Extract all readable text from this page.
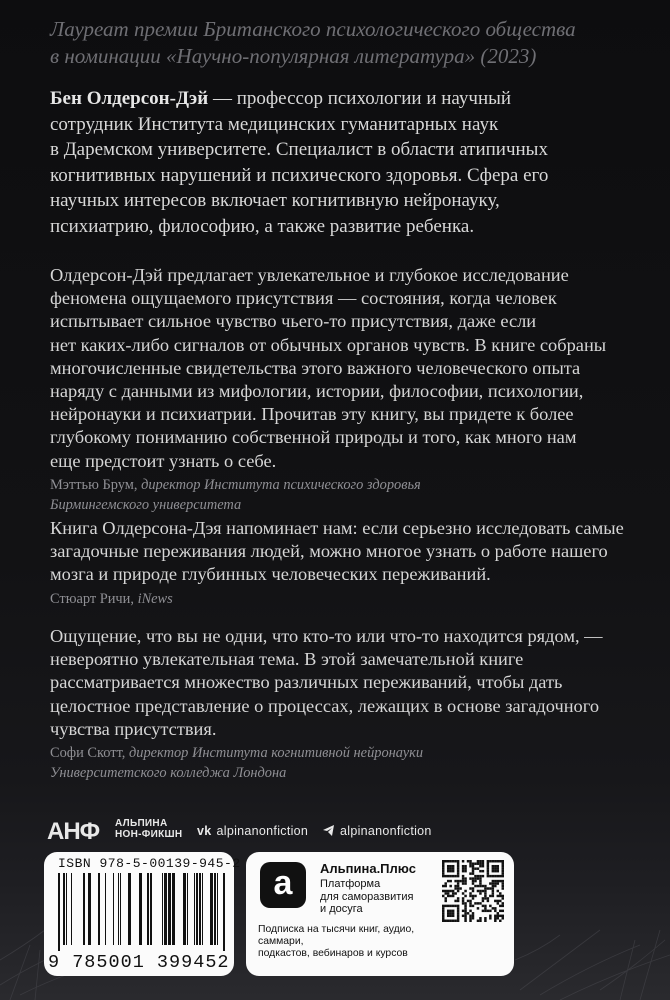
Лауреат премии Британского психологического общества
в номинации «Научно-популярная литература» (2023)
Бен Олдерсон-Дэй — профессор психологии и научный
сотрудник Института медицинских гуманитарных наук
в Даремском университете. Специалист в области атипичных
когнитивных нарушений и психического здоровья. Сфера его
научных интересов включает когнитивную нейронауку,
психиатрию, философию, а также развитие ребенка.
Олдерсон-Дэй предлагает увлекательное и глубокое исследование
феномена ощущаемого присутствия — состояния, когда человек
испытывает сильное чувство чьего-то присутствия, даже если
нет каких-либо сигналов от обычных органов чувств. В книге собраны
многочисленные свидетельства этого важного человеческого опыта
наряду с данными из мифологии, истории, философии, психологии,
нейронауки и психиатрии. Прочитав эту книгу, вы придете к более
глубокому пониманию собственной природы и того, как много нам
еще предстоит узнать о себе.
Мэттью Брум, директор Института психического здоровья
Бирмингемского университета
Книга Олдерсона-Дэя напоминает нам: если серьезно исследовать самые
загадочные переживания людей, можно многое узнать о работе нашего
мозга и природе глубинных человеческих переживаний.
Стюарт Ричи, iNews
Ощущение, что вы не одни, что кто-то или что-то находится рядом, —
невероятно увлекательная тема. В этой замечательной книге
рассматривается множество различных переживаний, чтобы дать
целостное представление о процессах, лежащих в основе загадочного
чувства присутствия.
Софи Скотт, директор Института когнитивной нейронауки
Университетского колледжа Лондона
АНФ АЛЬПИНА
НОН-ФИКШН vk alpinanonfiction	alpinanonfiction
ISBN 978-5-00139-945-2
9 785001 399452
а	Альпина.Плюс
Платформа
для саморазвития
и досуга
Подписка на тысячи книг, аудио, саммари,
подкастов, вебинаров и курсов
